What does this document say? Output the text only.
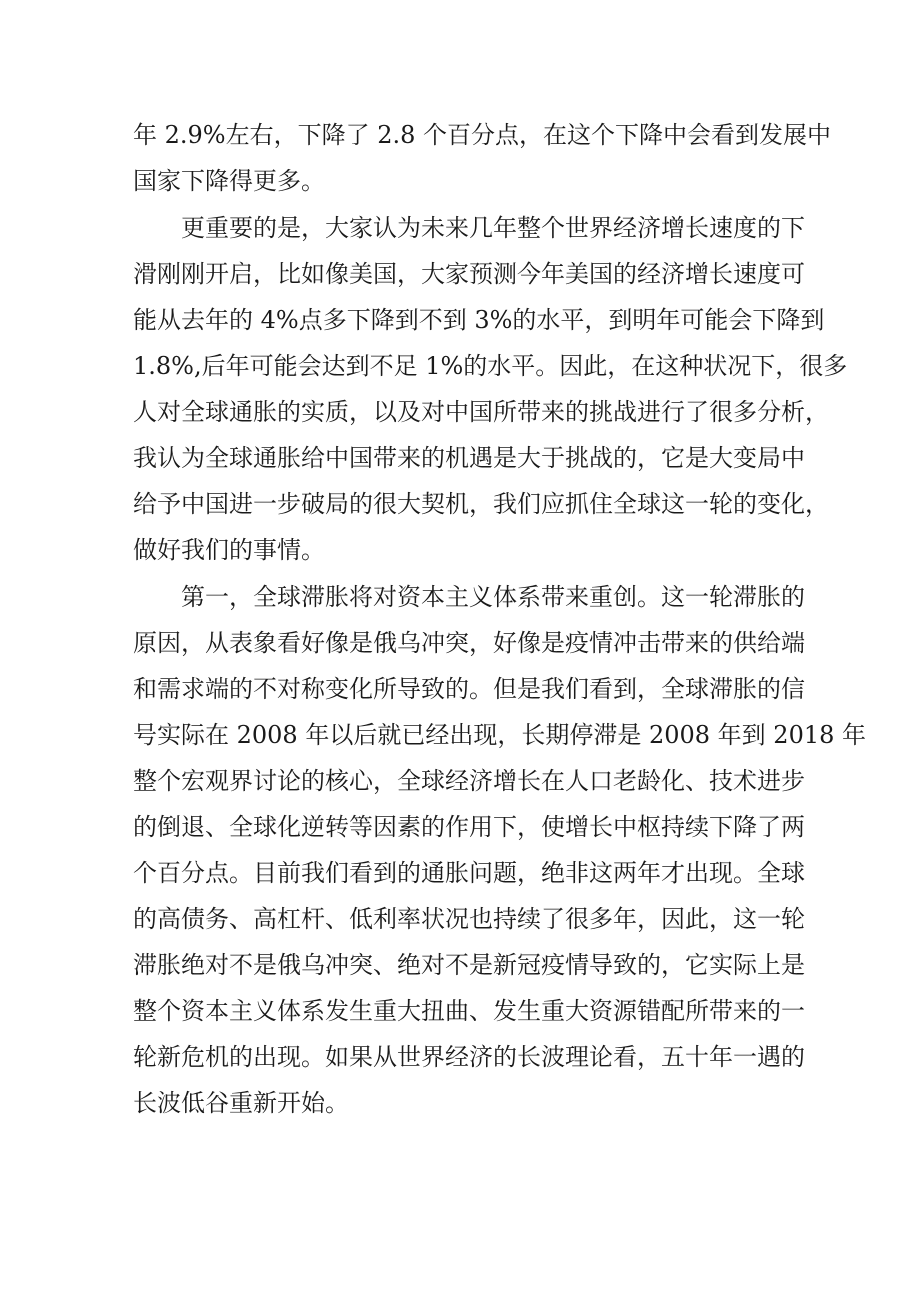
年 2.9%左右，下降了 2.8 个百分点，在这个下降中会看到发展中
国家下降得更多。
更重要的是，大家认为未来几年整个世界经济增长速度的下
滑刚刚开启，比如像美国，大家预测今年美国的经济增长速度可
能从去年的 4%点多下降到不到 3%的水平，到明年可能会下降到
1.8%,后年可能会达到不足 1%的水平。因此，在这种状况下，很多
人对全球通胀的实质，以及对中国所带来的挑战进行了很多分析，
我认为全球通胀给中国带来的机遇是大于挑战的，它是大变局中
给予中国进一步破局的很大契机，我们应抓住全球这一轮的变化，
做好我们的事情。
第一，全球滞胀将对资本主义体系带来重创。这一轮滞胀的
原因，从表象看好像是俄乌冲突，好像是疫情冲击带来的供给端
和需求端的不对称变化所导致的。但是我们看到，全球滞胀的信
号实际在 2008 年以后就已经出现，长期停滞是 2008 年到 2018 年
整个宏观界讨论的核心，全球经济增长在人口老龄化、技术进步
的倒退、全球化逆转等因素的作用下，使增长中枢持续下降了两
个百分点。目前我们看到的通胀问题，绝非这两年才出现。全球
的高债务、高杠杆、低利率状况也持续了很多年，因此，这一轮
滞胀绝对不是俄乌冲突、绝对不是新冠疫情导致的，它实际上是
整个资本主义体系发生重大扭曲、发生重大资源错配所带来的一
轮新危机的出现。如果从世界经济的长波理论看，五十年一遇的
长波低谷重新开始。
